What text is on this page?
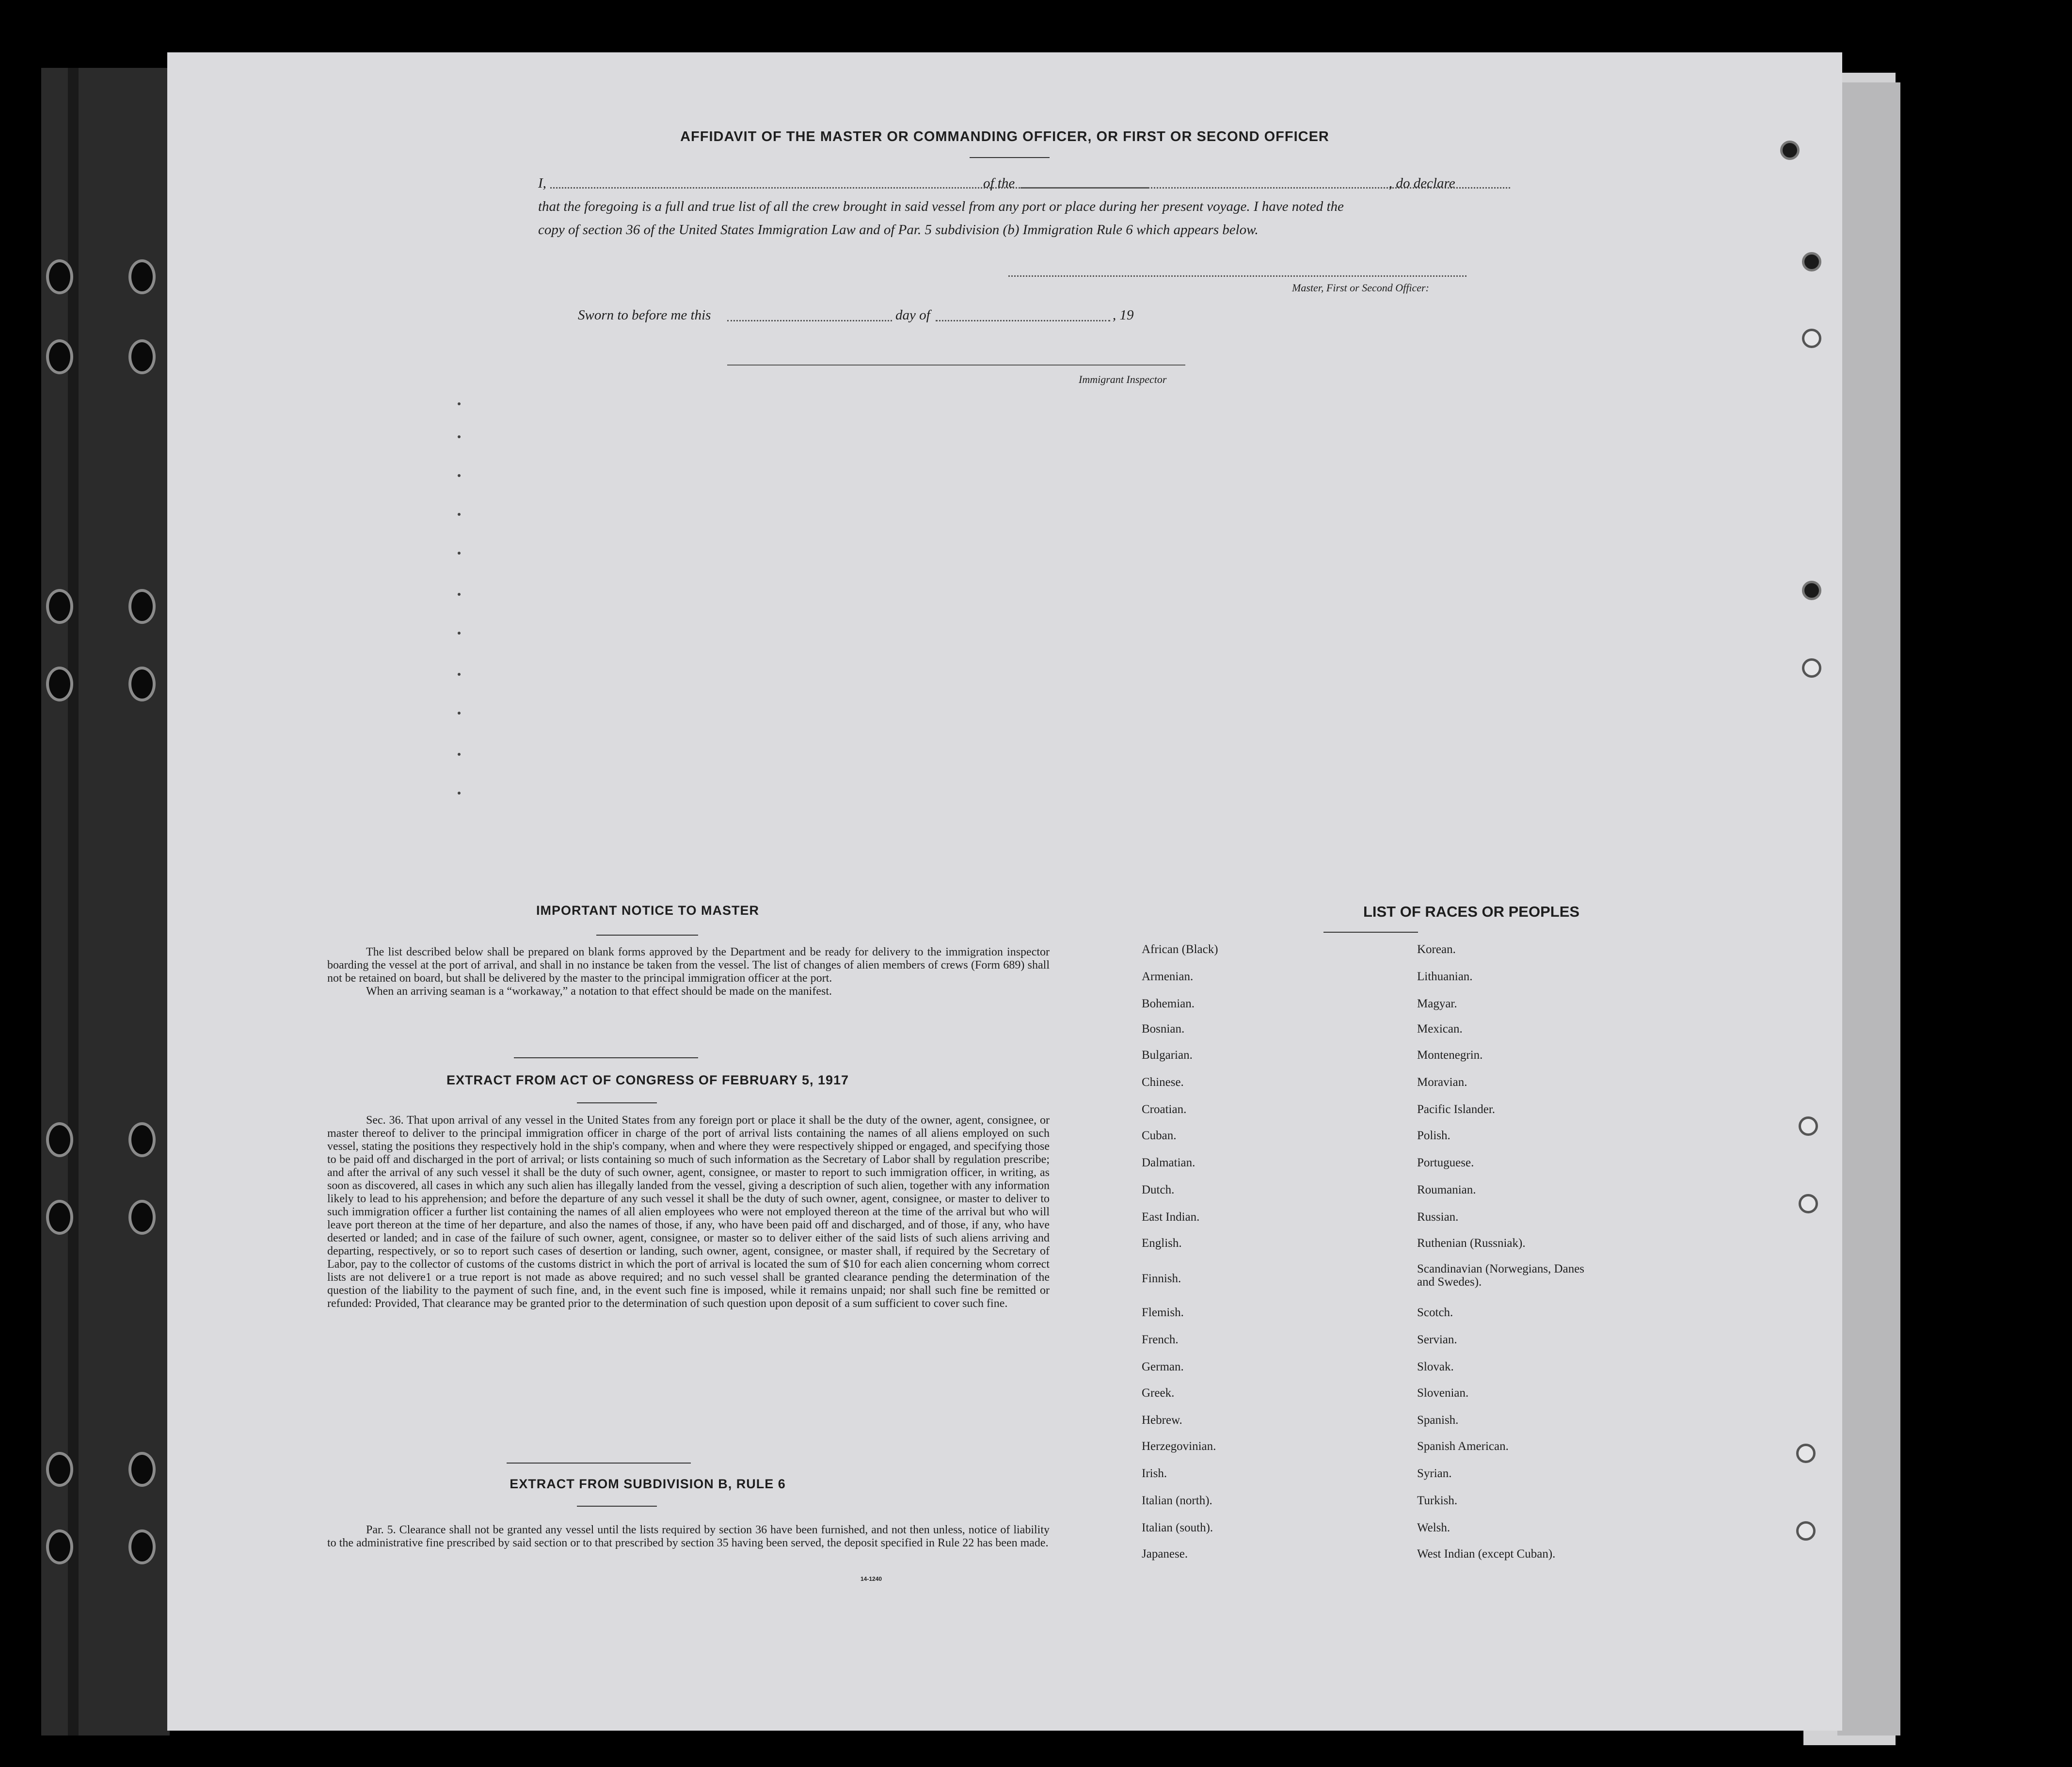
AFFIDAVIT OF THE MASTER OR COMMANDING OFFICER, OR FIRST OR SECOND OFFICER
I,	of the	, do declare
that the foregoing is a full and true list of all the crew brought in said vessel from any port or place during her present voyage. I have noted the
copy of section 36 of the United States Immigration Law and of Par. 5 subdivision (b) Immigration Rule 6 which appears below.
Master, First or Second Officer:
Sworn to before me this	day of	, 19
Immigrant Inspector
IMPORTANT NOTICE TO MASTER
The list described below shall be prepared on blank forms approved by the Department and be ready for delivery to the immigration inspector boarding the vessel at the port of arrival, and shall in no instance be taken from the vessel. The list of changes of alien members of crews (Form 689) shall not be retained on board, but shall be delivered by the master to the principal immigration officer at the port.
When an arriving seaman is a “workaway,” a notation to that effect should be made on the manifest.
EXTRACT FROM ACT OF CONGRESS OF FEBRUARY 5, 1917
Sec. 36. That upon arrival of any vessel in the United States from any foreign port or place it shall be the duty of the owner, agent, consignee, or master thereof to deliver to the principal immigration officer in charge of the port of arrival lists containing the names of all aliens employed on such vessel, stating the positions they respectively hold in the ship's company, when and where they were respectively shipped or engaged, and specifying those to be paid off and discharged in the port of arrival; or lists containing so much of such information as the Secretary of Labor shall by regulation prescribe; and after the arrival of any such vessel it shall be the duty of such owner, agent, consignee, or master to report to such immigration officer, in writing, as soon as discovered, all cases in which any such alien has illegally landed from the vessel, giving a description of such alien, together with any information likely to lead to his apprehension; and before the departure of any such vessel it shall be the duty of such owner, agent, consignee, or master to deliver to such immigration officer a further list containing the names of all alien employees who were not employed thereon at the time of the arrival but who will leave port thereon at the time of her departure, and also the names of those, if any, who have been paid off and discharged, and of those, if any, who have deserted or landed; and in case of the failure of such owner, agent, consignee, or master so to deliver either of the said lists of such aliens arriving and departing, respectively, or so to report such cases of desertion or landing, such owner, agent, consignee, or master shall, if required by the Secretary of Labor, pay to the collector of customs of the customs district in which the port of arrival is located the sum of $10 for each alien concerning whom correct lists are not delivere1 or a true report is not made as above required; and no such vessel shall be granted clearance pending the determination of the question of the liability to the payment of such fine, and, in the event such fine is imposed, while it remains unpaid; nor shall such fine be remitted or refunded: Provided, That clearance may be granted prior to the determination of such question upon deposit of a sum sufficient to cover such fine.
EXTRACT FROM SUBDIVISION B, RULE 6
Par. 5. Clearance shall not be granted any vessel until the lists required by section 36 have been furnished, and not then unless, notice of liability to the administrative fine prescribed by said section or to that prescribed by section 35 having been served, the deposit specified in Rule 22 has been made.
14-1240
LIST OF RACES OR PEOPLES
African (Black)
Armenian.
Bohemian.
Bosnian.
Bulgarian.
Chinese.
Croatian.
Cuban.
Dalmatian.
Dutch.
East Indian.
English.
Finnish.
Flemish.
French.
German.
Greek.
Hebrew.
Herzegovinian.
Irish.
Italian (north).
Italian (south).
Japanese.
Korean.
Lithuanian.
Magyar.
Mexican.
Montenegrin.
Moravian.
Pacific Islander.
Polish.
Portuguese.
Roumanian.
Russian.
Ruthenian (Russniak).
Scandinavian (Norwegians, Danes and Swedes).
Scotch.
Servian.
Slovak.
Slovenian.
Spanish.
Spanish American.
Syrian.
Turkish.
Welsh.
West Indian (except Cuban).
